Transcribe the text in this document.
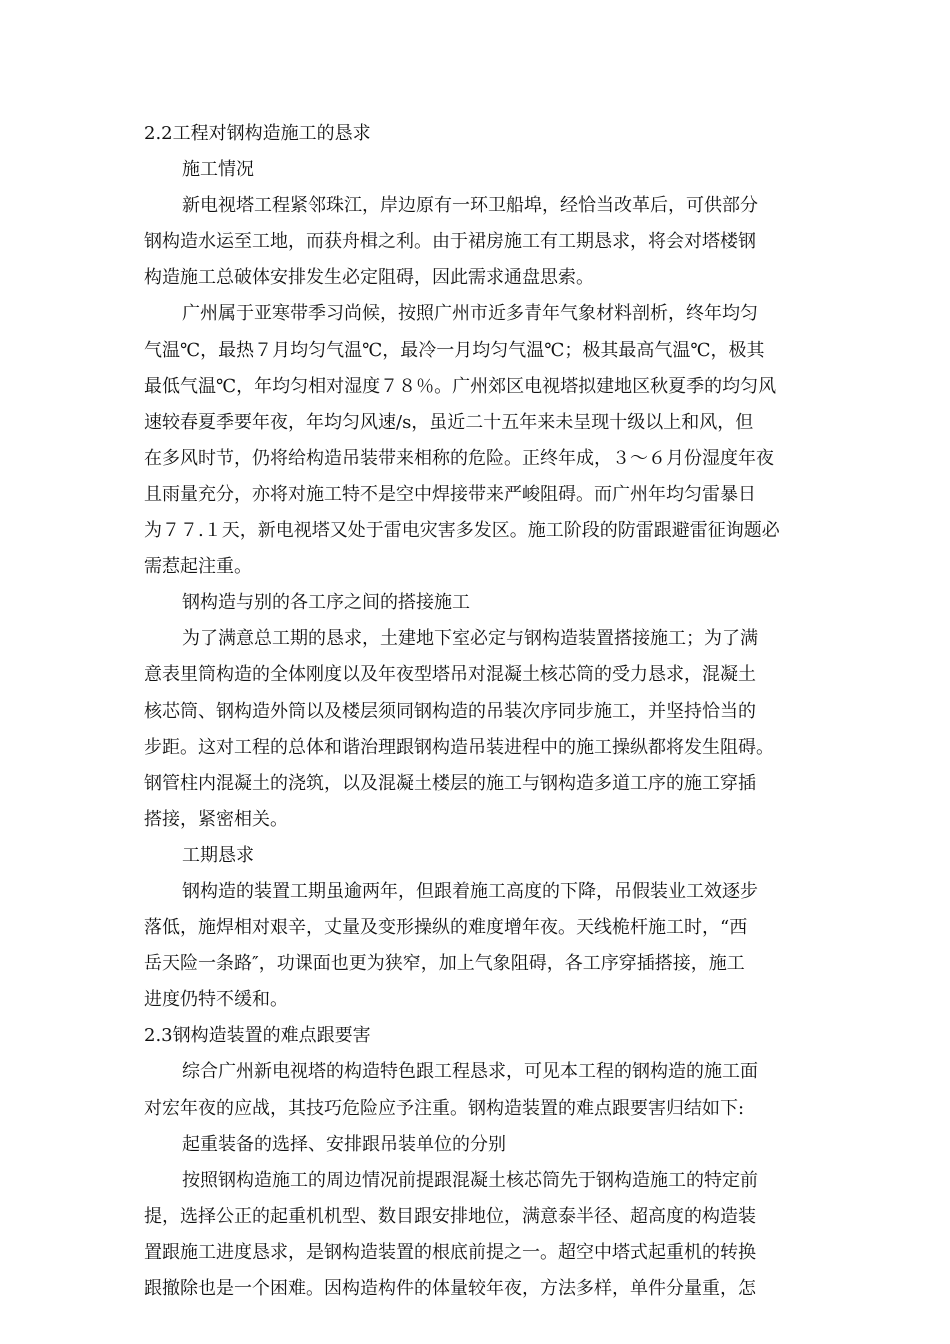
2.2工程对钢构造施工的恳求
施工情况
新电视塔工程紧邻珠江，岸边原有一环卫船埠，经恰当改革后，可供部分
钢构造水运至工地，而获舟楫之利。由于裙房施工有工期恳求，将会对塔楼钢
构造施工总破体安排发生必定阻碍，因此需求通盘思索。
广州属于亚寒带季习尚候，按照广州市近多青年气象材料剖析，终年均匀
气温℃，最热７月均匀气温℃，最冷一月均匀气温℃；极其最高气温℃，极其
最低气温℃，年均匀相对湿度７８％。广州郊区电视塔拟建地区秋夏季的均匀风
速较春夏季要年夜，年均匀风速/s，虽近二十五年来未呈现十级以上和风，但
在多风时节，仍将给构造吊装带来相称的危险。正终年成，３～６月份湿度年夜
且雨量充分，亦将对施工特不是空中焊接带来严峻阻碍。而广州年均匀雷暴日
为７７.１天，新电视塔又处于雷电灾害多发区。施工阶段的防雷跟避雷征询题必
需惹起注重。
钢构造与别的各工序之间的搭接施工
为了满意总工期的恳求，土建地下室必定与钢构造装置搭接施工；为了满
意表里筒构造的全体刚度以及年夜型塔吊对混凝土核芯筒的受力恳求，混凝土
核芯筒、钢构造外筒以及楼层须同钢构造的吊装次序同步施工，并坚持恰当的
步距。这对工程的总体和谐治理跟钢构造吊装进程中的施工操纵都将发生阻碍。
钢管柱内混凝土的浇筑，以及混凝土楼层的施工与钢构造多道工序的施工穿插
搭接，紧密相关。
工期恳求
钢构造的装置工期虽逾两年，但跟着施工高度的下降，吊假装业工效逐步
落低，施焊相对艰辛，丈量及变形操纵的难度增年夜。天线桅杆施工时，“西
岳天险一条路″，功课面也更为狭窄，加上气象阻碍，各工序穿插搭接，施工
进度仍特不缓和。
2.3钢构造装置的难点跟要害
综合广州新电视塔的构造特色跟工程恳求，可见本工程的钢构造的施工面
对宏年夜的应战，其技巧危险应予注重。钢构造装置的难点跟要害归结如下:
起重装备的选择、安排跟吊装单位的分别
按照钢构造施工的周边情况前提跟混凝土核芯筒先于钢构造施工的特定前
提，选择公正的起重机机型、数目跟安排地位，满意泰半径、超高度的构造装
置跟施工进度恳求，是钢构造装置的根底前提之一。超空中塔式起重机的转换
跟撤除也是一个困难。因构造构件的体量较年夜，方法多样，单件分量重，怎
